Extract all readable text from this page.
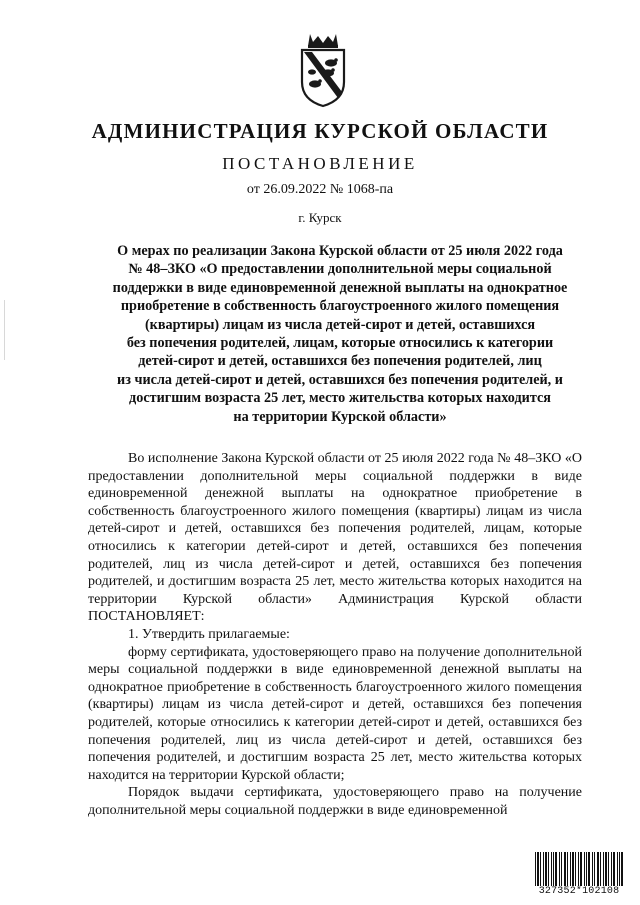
АДМИНИСТРАЦИЯ КУРСКОЙ ОБЛАСТИ
ПОСТАНОВЛЕНИЕ
от 26.09.2022 № 1068-па
г. Курск
О мерах по реализации Закона Курской области от 25 июля 2022 года
№ 48–ЗКО «О предоставлении дополнительной меры социальной
поддержки в виде единовременной денежной выплаты на однократное
приобретение в собственность благоустроенного жилого помещения
(квартиры) лицам из числа детей-сирот и детей, оставшихся
без попечения родителей, лицам, которые относились к категории
детей-сирот и детей, оставшихся без попечения родителей, лиц
из числа детей-сирот и детей, оставшихся без попечения родителей, и
достигшим возраста 25 лет, место жительства которых находится
на территории Курской области»

Во исполнение Закона Курской области от 25 июля 2022 года № 48–ЗКО «О предоставлении дополнительной меры социальной поддержки в виде единовременной денежной выплаты на однократное приобретение в собственность благоустроенного жилого помещения (квартиры) лицам из числа детей-сирот и детей, оставшихся без попечения родителей, лицам, которые относились к категории детей-сирот и детей, оставшихся без попечения родителей, лиц из числа детей-сирот и детей, оставшихся без попечения родителей, и достигшим возраста 25 лет, место жительства которых находится на территории Курской области» Администрация Курской области ПОСТАНОВЛЯЕТ:

1. Утвердить прилагаемые:

форму сертификата, удостоверяющего право на получение дополнительной меры социальной поддержки в виде единовременной денежной выплаты на однократное приобретение в собственность благоустроенного жилого помещения (квартиры) лицам из числа детей-сирот и детей, оставшихся без попечения родителей, которые относились к категории детей-сирот и детей, оставшихся без попечения родителей, лиц из числа детей-сирот и детей, оставшихся без попечения родителей, и достигшим возраста 25 лет, место жительства которых находится на территории Курской области;

Порядок выдачи сертификата, удостоверяющего право на получение дополнительной меры социальной поддержки в виде единовременной

327352*102108
